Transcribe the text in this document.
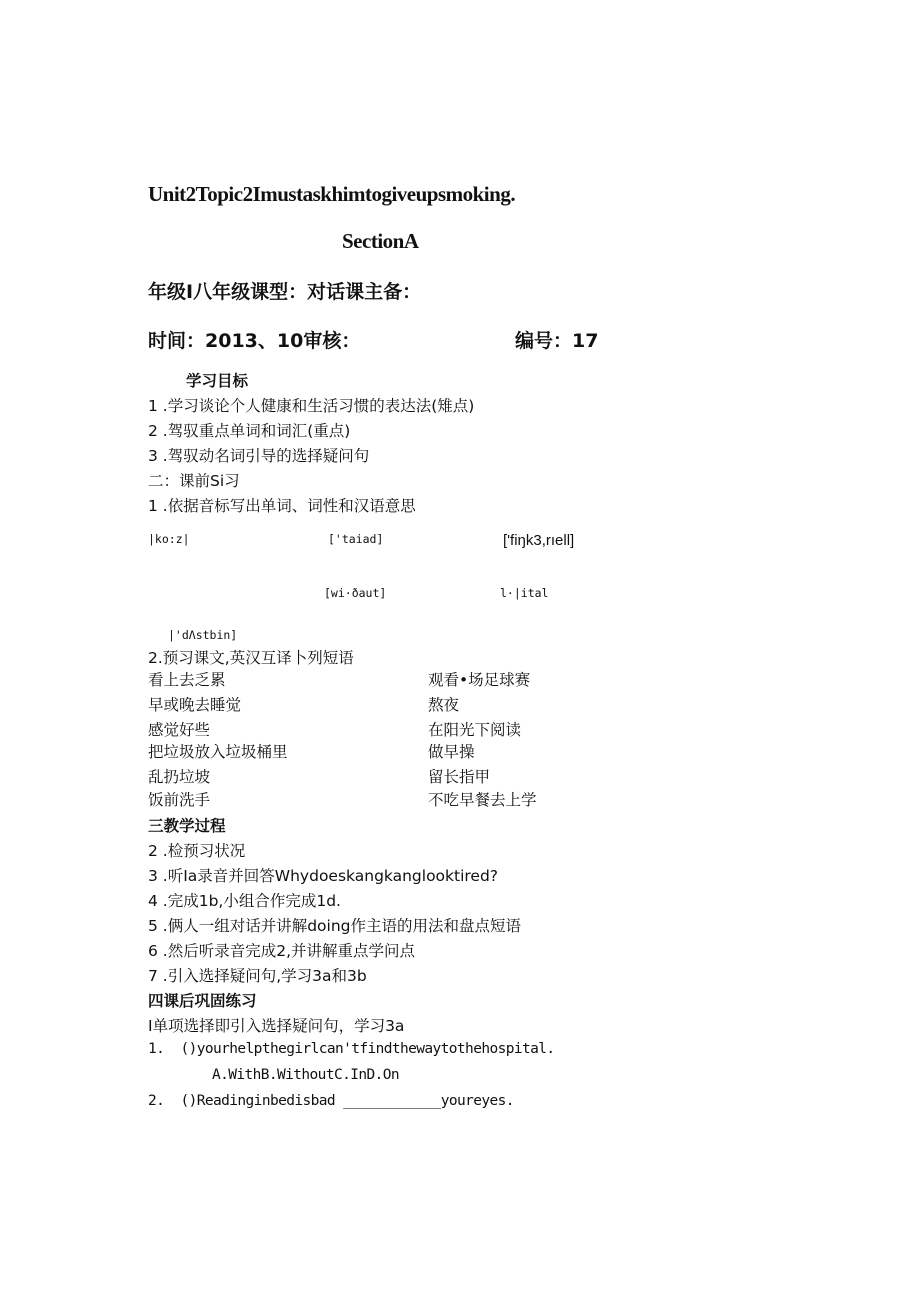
Unit2Topic2Imustaskhimtogiveupsmoking.
SectionA
年级I八年级课型：对话课主备：
时间：2013、10审核：	编号：17
学习目标
1 .学习谈论个人健康和生活习惯的表达法(雉点)
2 .驾驭重点单词和词汇(重点)
3 .驾驭动名词引导的选择疑问句
二：课前Si习
1 .依据音标写出单词、词性和汉语意思
|ko:z|	['taiad]	['fiŋk3,rıell]
[wi·ðaut]	l·|ital
|'dΛstbin]
2.预习课文,英汉互译卜列短语
看上去乏累	观看•场足球赛
早或晚去睡觉	熬夜
感觉好些	在阳光下阅读
把垃圾放入垃圾桶里	做早操
乱扔垃坡	留长指甲
饭前洗手	不吃早餐去上学
三教学过程
2 .检预习状况
3 .听Ia录音并回答Whydoeskangkanglooktired?
4 .完成1b,小组合作完成1d.
5 .俩人一组对话并讲解doing作主语的用法和盘点短语
6 .然后听录音完成2,并讲解重点学问点
7 .引入选择疑问句,学习3a和3b
四课后巩固练习
I单项选择即引入选择疑问句，学习3a
1.  ()yourhelpthegirlcan'tfindthewaytothehospital.
A.WithB.WithoutC.InD.On
2.  ()Readinginbedisbad ____________youreyes.
